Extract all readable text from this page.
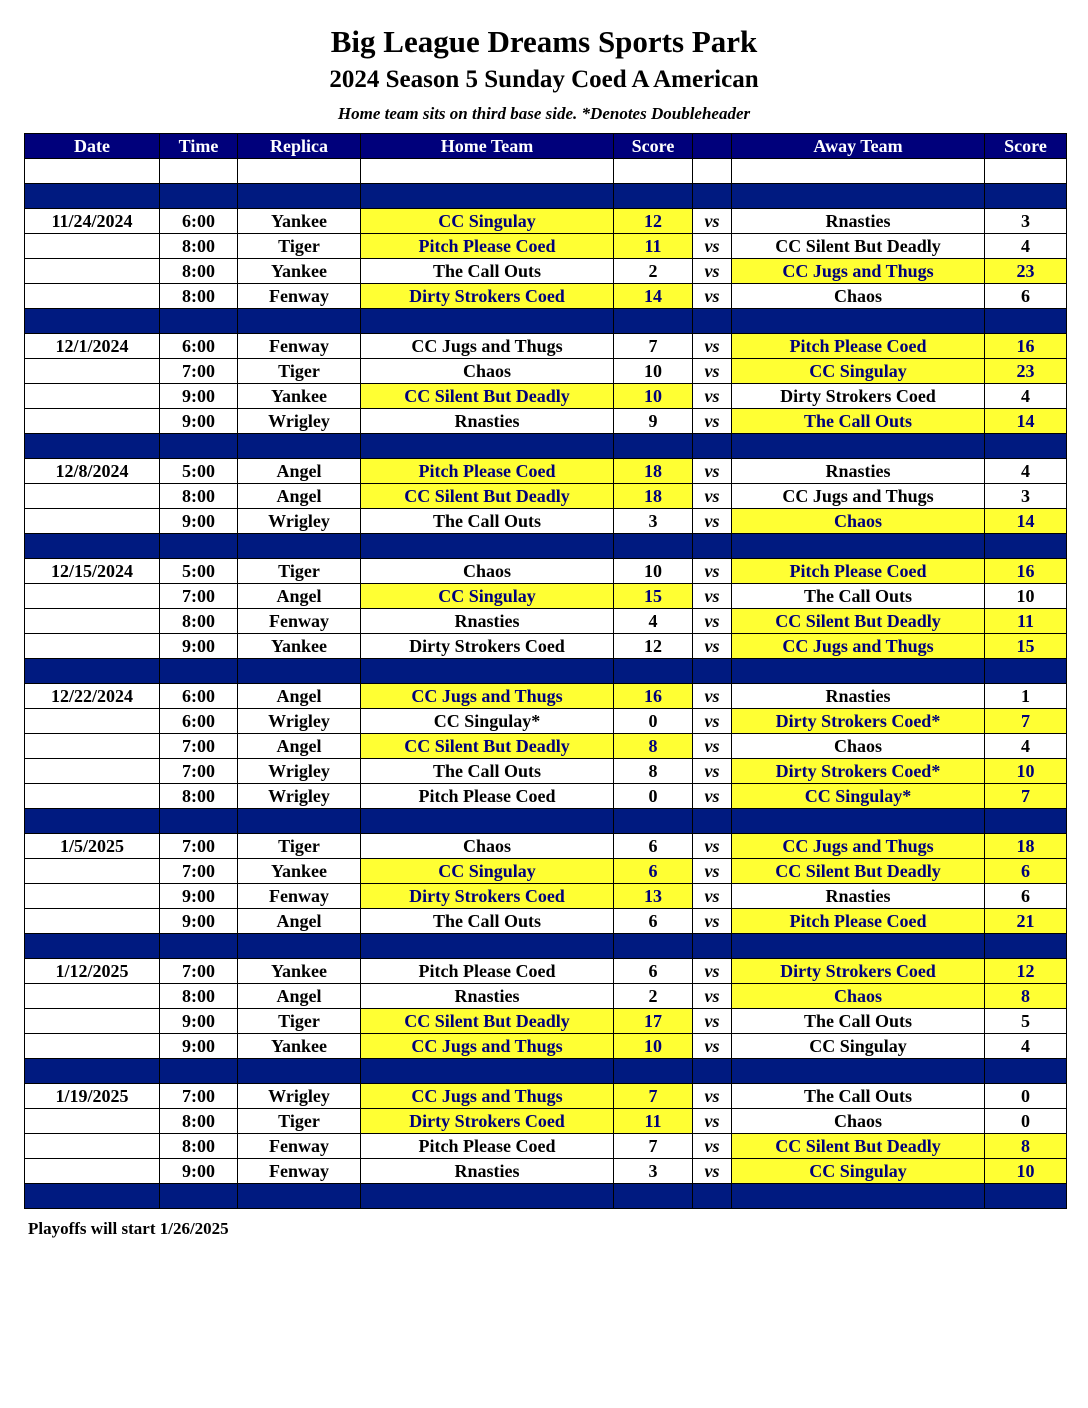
Big League Dreams Sports Park
2024 Season 5 Sunday Coed A American
Home team sits on third base side. *Denotes Doubleheader
Date	Time	Replica	Home Team	Score		Away Team	Score

11/24/2024	6:00	Yankee	CC Singulay	12	vs	Rnasties	3
	8:00	Tiger	Pitch Please Coed	11	vs	CC Silent But Deadly	4
	8:00	Yankee	The Call Outs	2	vs	CC Jugs and Thugs	23
	8:00	Fenway	Dirty Strokers Coed	14	vs	Chaos	6

12/1/2024	6:00	Fenway	CC Jugs and Thugs	7	vs	Pitch Please Coed	16
	7:00	Tiger	Chaos	10	vs	CC Singulay	23
	9:00	Yankee	CC Silent But Deadly	10	vs	Dirty Strokers Coed	4
	9:00	Wrigley	Rnasties	9	vs	The Call Outs	14

12/8/2024	5:00	Angel	Pitch Please Coed	18	vs	Rnasties	4
	8:00	Angel	CC Silent But Deadly	18	vs	CC Jugs and Thugs	3
	9:00	Wrigley	The Call Outs	3	vs	Chaos	14

12/15/2024	5:00	Tiger	Chaos	10	vs	Pitch Please Coed	16
	7:00	Angel	CC Singulay	15	vs	The Call Outs	10
	8:00	Fenway	Rnasties	4	vs	CC Silent But Deadly	11
	9:00	Yankee	Dirty Strokers Coed	12	vs	CC Jugs and Thugs	15

12/22/2024	6:00	Angel	CC Jugs and Thugs	16	vs	Rnasties	1
	6:00	Wrigley	CC Singulay*	0	vs	Dirty Strokers Coed*	7
	7:00	Angel	CC Silent But Deadly	8	vs	Chaos	4
	7:00	Wrigley	The Call Outs	8	vs	Dirty Strokers Coed*	10
	8:00	Wrigley	Pitch Please Coed	0	vs	CC Singulay*	7

1/5/2025	7:00	Tiger	Chaos	6	vs	CC Jugs and Thugs	18
	7:00	Yankee	CC Singulay	6	vs	CC Silent But Deadly	6
	9:00	Fenway	Dirty Strokers Coed	13	vs	Rnasties	6
	9:00	Angel	The Call Outs	6	vs	Pitch Please Coed	21

1/12/2025	7:00	Yankee	Pitch Please Coed	6	vs	Dirty Strokers Coed	12
	8:00	Angel	Rnasties	2	vs	Chaos	8
	9:00	Tiger	CC Silent But Deadly	17	vs	The Call Outs	5
	9:00	Yankee	CC Jugs and Thugs	10	vs	CC Singulay	4

1/19/2025	7:00	Wrigley	CC Jugs and Thugs	7	vs	The Call Outs	0
	8:00	Tiger	Dirty Strokers Coed	11	vs	Chaos	0
	8:00	Fenway	Pitch Please Coed	7	vs	CC Silent But Deadly	8
	9:00	Fenway	Rnasties	3	vs	CC Singulay	10

Playoffs will start 1/26/2025
